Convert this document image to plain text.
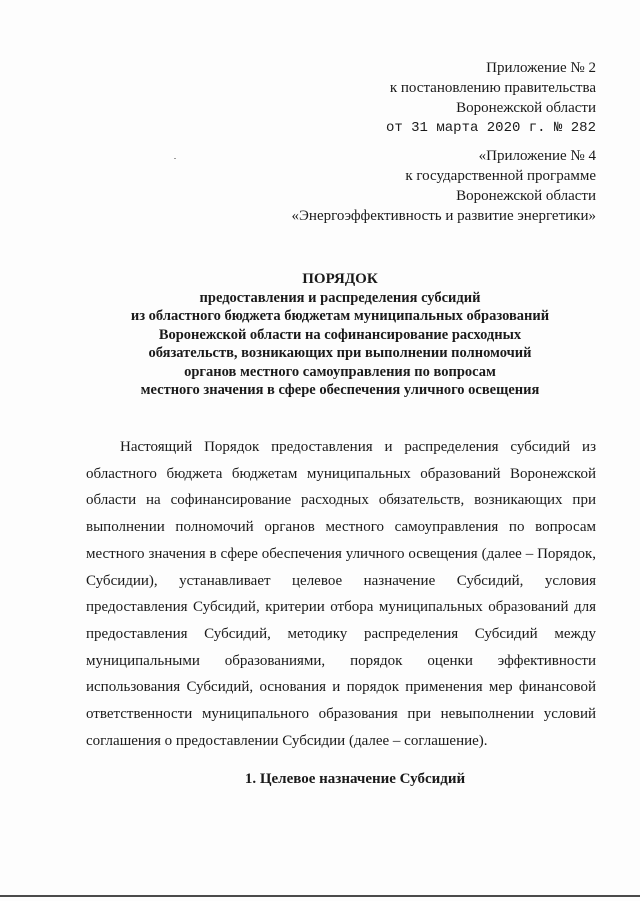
Приложение № 2
к постановлению правительства
Воронежской области
от 31 марта 2020 г. № 282
«Приложение № 4
к государственной программе
Воронежской области
«Энергоэффективность и развитие энергетики»
ПОРЯДОК
предоставления и распределения субсидий
из областного бюджета бюджетам муниципальных образований
Воронежской области на софинансирование расходных
обязательств, возникающих при выполнении полномочий
органов местного самоуправления по вопросам
местного значения в сфере обеспечения уличного освещения

Настоящий Порядок предоставления и распределения субсидий из областного бюджета бюджетам муниципальных образований Воронежской области на софинансирование расходных обязательств, возникающих при выполнении полномочий органов местного самоуправления по вопросам местного значения в сфере обеспечения уличного освещения (далее – Порядок, Субсидии), устанавливает целевое назначение Субсидий, условия предоставления Субсидий, критерии отбора муниципальных образований для предоставления Субсидий, методику распределения Субсидий между муниципальными образованиями, порядок оценки эффективности использования Субсидий, основания и порядок применения мер финансовой ответственности муниципального образования при невыполнении условий соглашения о предоставлении Субсидии (далее – соглашение).

1. Целевое назначение Субсидий
